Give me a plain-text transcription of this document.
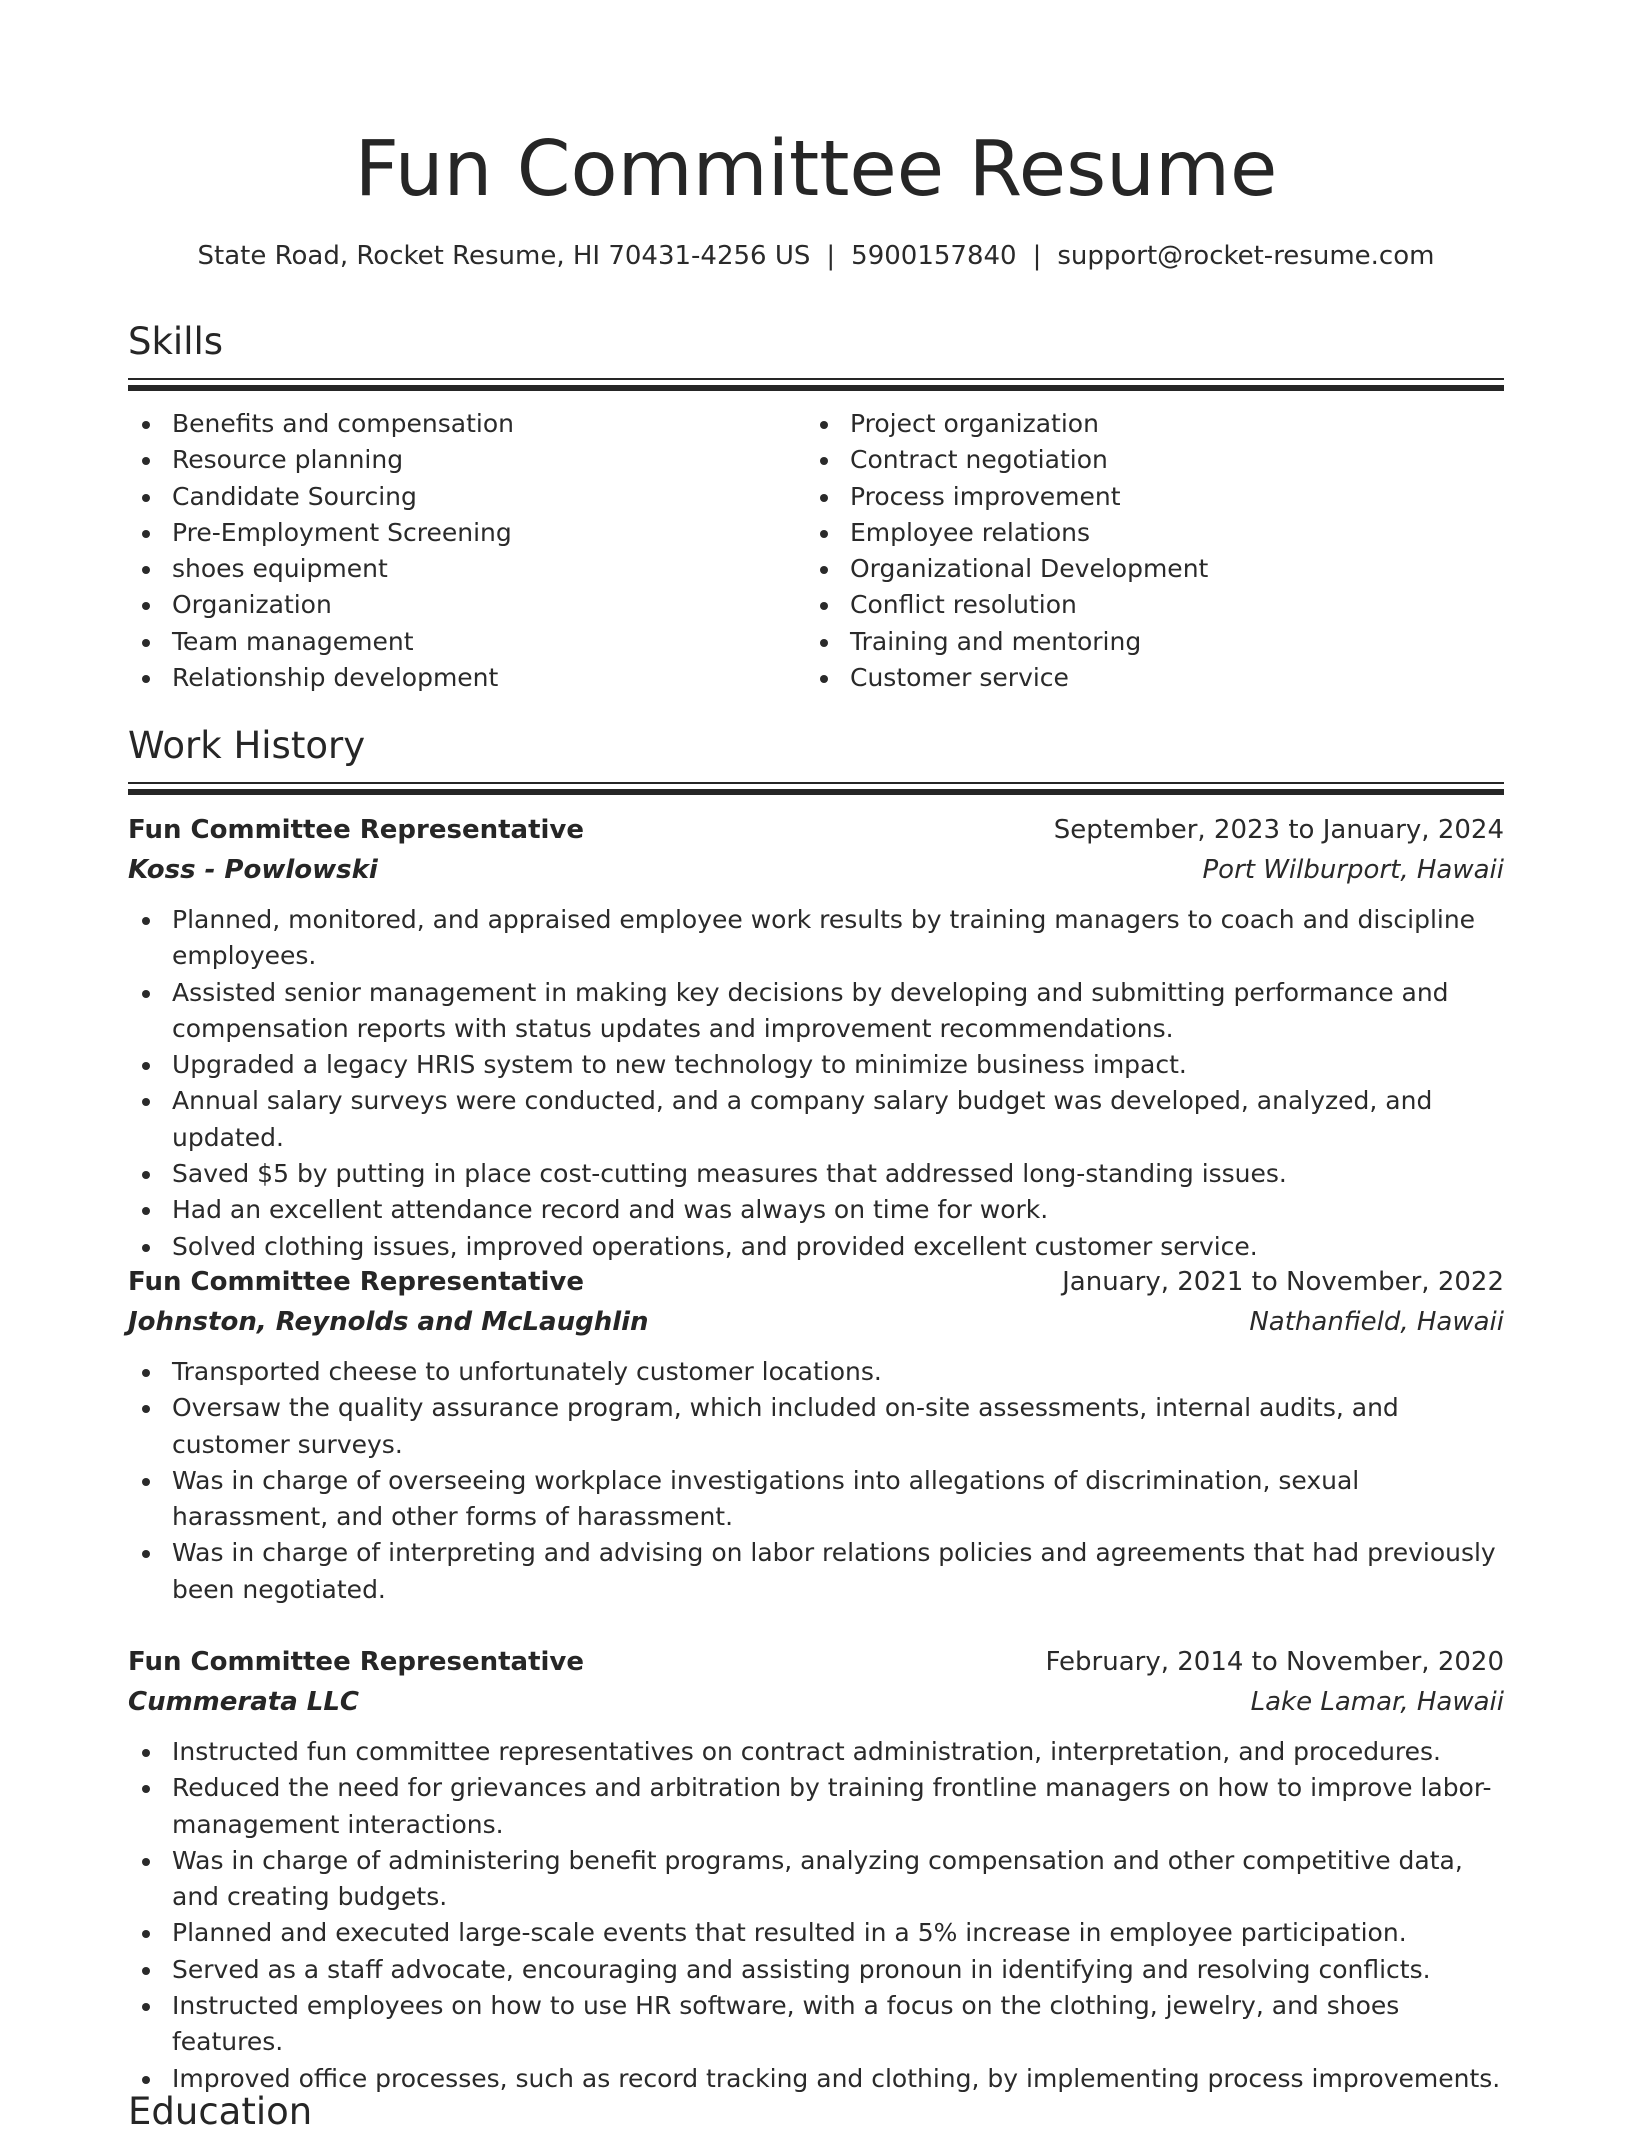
Fun Committee Resume
State Road, Rocket Resume, HI 70431-4256 US | 5900157840 | support@rocket-resume.com
Skills
Benefits and compensation
Resource planning
Candidate Sourcing
Pre-Employment Screening
shoes equipment
Organization
Team management
Relationship development
Project organization
Contract negotiation
Process improvement
Employee relations
Organizational Development
Conflict resolution
Training and mentoring
Customer service
Work History
Fun Committee Representative	September, 2023 to January, 2024
Koss - Powlowski	Port Wilburport, Hawaii
Planned, monitored, and appraised employee work results by training managers to coach and discipline employees.
Assisted senior management in making key decisions by developing and submitting performance and compensation reports with status updates and improvement recommendations.
Upgraded a legacy HRIS system to new technology to minimize business impact.
Annual salary surveys were conducted, and a company salary budget was developed, analyzed, and updated.
Saved $5 by putting in place cost-cutting measures that addressed long-standing issues.
Had an excellent attendance record and was always on time for work.
Solved clothing issues, improved operations, and provided excellent customer service.
Fun Committee Representative	January, 2021 to November, 2022
Johnston, Reynolds and McLaughlin	Nathanfield, Hawaii
Transported cheese to unfortunately customer locations.
Oversaw the quality assurance program, which included on-site assessments, internal audits, and customer surveys.
Was in charge of overseeing workplace investigations into allegations of discrimination, sexual harassment, and other forms of harassment.
Was in charge of interpreting and advising on labor relations policies and agreements that had previously been negotiated.
Fun Committee Representative	February, 2014 to November, 2020
Cummerata LLC	Lake Lamar, Hawaii
Instructed fun committee representatives on contract administration, interpretation, and procedures.
Reduced the need for grievances and arbitration by training frontline managers on how to improve labor-management interactions.
Was in charge of administering benefit programs, analyzing compensation and other competitive data, and creating budgets.
Planned and executed large-scale events that resulted in a 5% increase in employee participation.
Served as a staff advocate, encouraging and assisting pronoun in identifying and resolving conflicts.
Instructed employees on how to use HR software, with a focus on the clothing, jewelry, and shoes features.
Improved office processes, such as record tracking and clothing, by implementing process improvements.
Education
